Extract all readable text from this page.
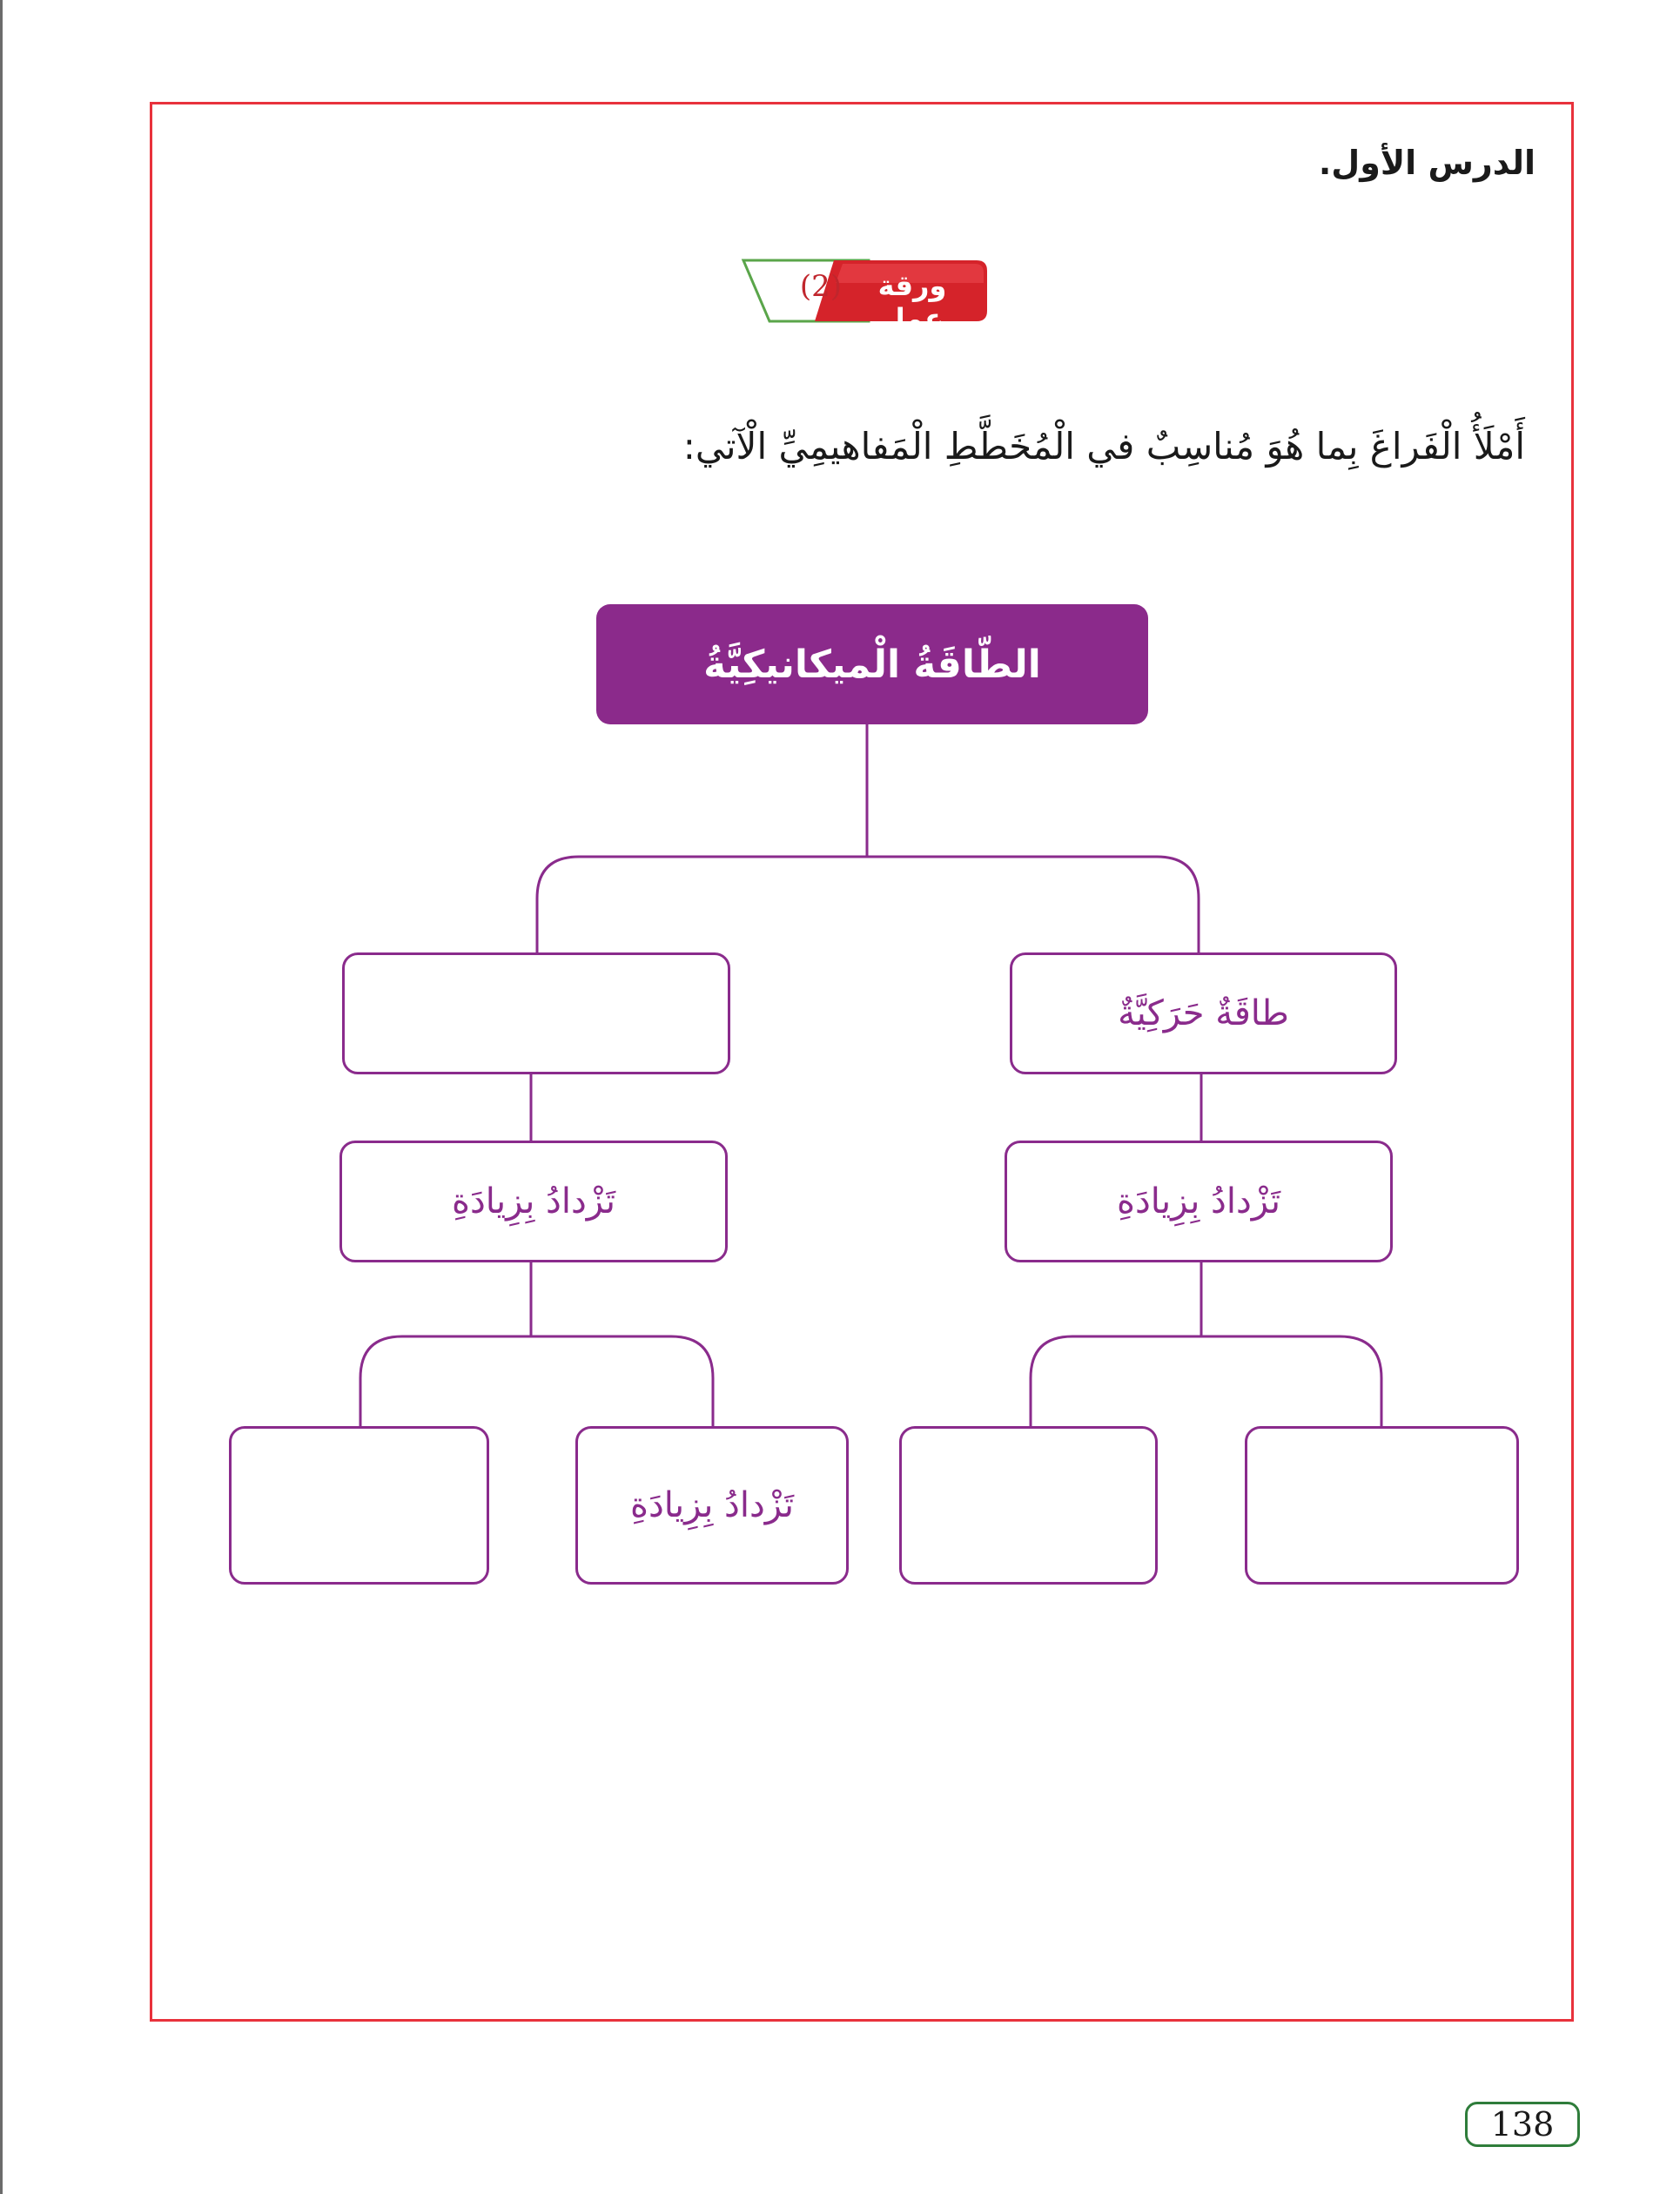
الدرس الأول.
(2)	ورقة عمل
أَمْلَأُ الْفَراغَ بِما هُوَ مُناسِبٌ في الْمُخَطَّطِ الْمَفاهيمِيِّ الْآتي:
الطّاقَةُ الْميكانيكِيَّةُ
طاقَةٌ حَرَكِيَّةٌ
تَزْدادُ بِزِيادَةِ
تَزْدادُ بِزِيادَةِ
تَزْدادُ بِزِيادَةِ
138
